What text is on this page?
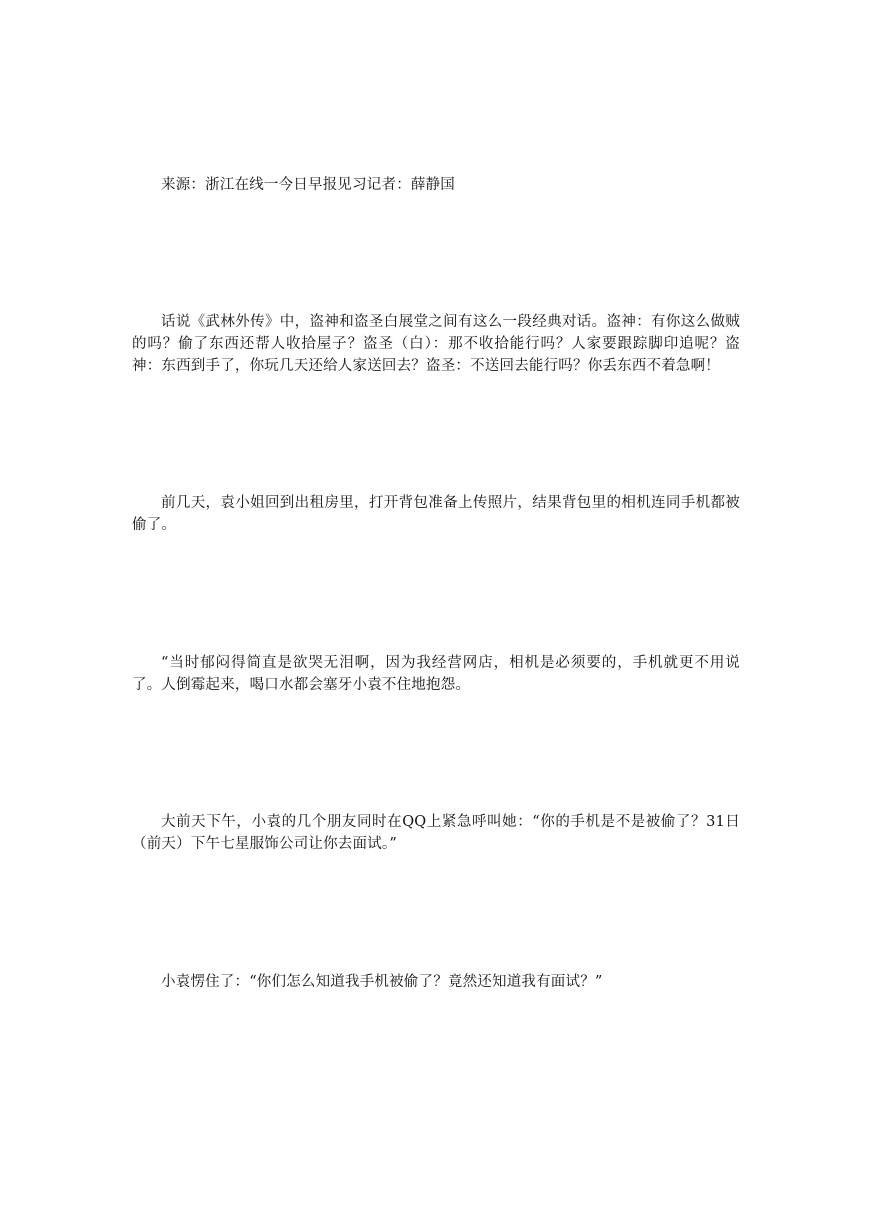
来源：浙江在线一今日早报见习记者：薛静国

话说《武林外传》中，盗神和盗圣白展堂之间有这么一段经典对话。盗神：有你这么做贼的吗？偷了东西还帮人收拾屋子？盗圣（白）：那不收拾能行吗？人家要跟踪脚印追呢？盗神：东西到手了，你玩几天还给人家送回去？盗圣：不送回去能行吗？你丢东西不着急啊！

前几天，袁小姐回到出租房里，打开背包准备上传照片，结果背包里的相机连同手机都被偷了。

“当时郁闷得简直是欲哭无泪啊，因为我经营网店，相机是必须要的，手机就更不用说了。人倒霉起来，喝口水都会塞牙小袁不住地抱怨。

大前天下午，小袁的几个朋友同时在QQ上紧急呼叫她：“你的手机是不是被偷了？31日（前天）下午七星服饰公司让你去面试。”

小袁愣住了：“你们怎么知道我手机被偷了？竟然还知道我有面试？”
